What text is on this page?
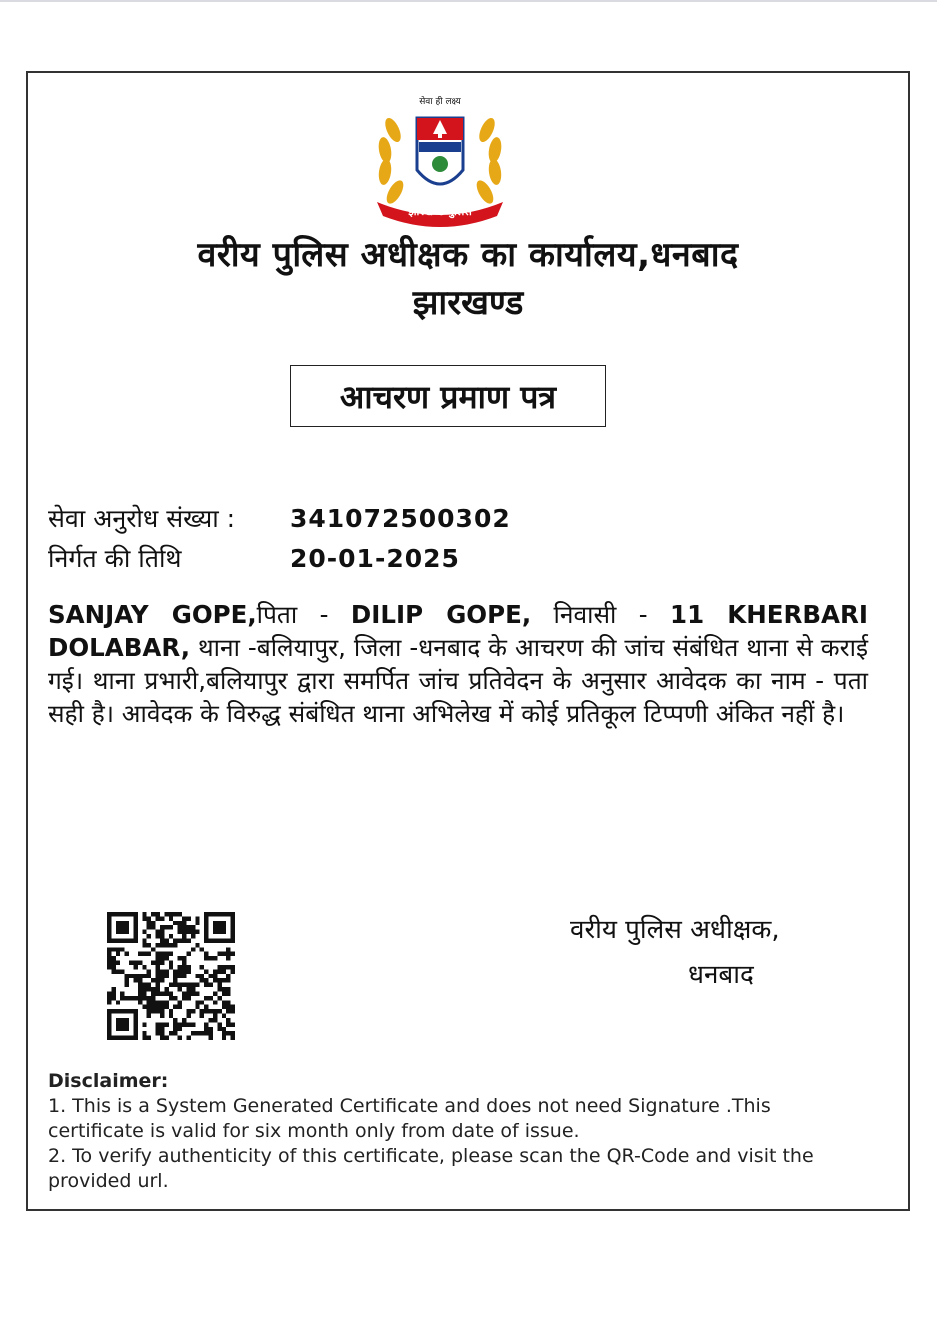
झारखण्ड पुलिस
सेवा ही लक्ष्य
वरीय पुलिस अधीक्षक का कार्यालय,धनबाद
झारखण्ड
आचरण प्रमाण पत्र
सेवा अनुरोध संख्या : 341072500302
निर्गत की तिथि	20-01-2025
SANJAY GOPE,पिता - DILIP GOPE, निवासी - 11 KHERBARI DOLABAR, थाना -बलियापुर, जिला -धनबाद के आचरण की जांच संबंधित थाना से कराई गई। थाना प्रभारी,बलियापुर द्वारा समर्पित जांच प्रतिवेदन के अनुसार आवेदक का नाम - पता सही है। आवेदक के विरुद्ध संबंधित थाना अभिलेख में कोई प्रतिकूल टिप्पणी अंकित नहीं है।
वरीय पुलिस अधीक्षक,
धनबाद
Disclaimer:
1. This is a System Generated Certificate and does not need Signature .This certificate is valid for six month only from date of issue.
2. To verify authenticity of this certificate, please scan the QR-Code and visit the provided url.
